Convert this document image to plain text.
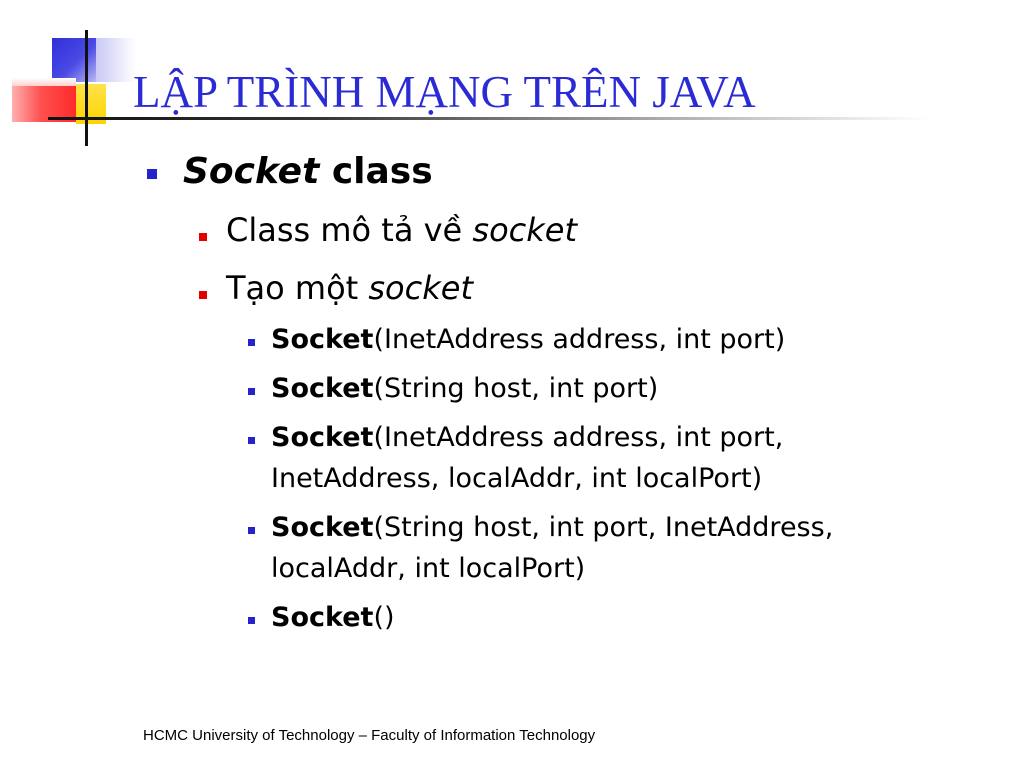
LẬP TRÌNH MẠNG TRÊN JAVA
Socket class
Class mô tả về socket
Tạo một socket
Socket(InetAddress address, int port)
Socket(String host, int port)
Socket(InetAddress address, int port,
InetAddress, localAddr, int localPort)
Socket(String host, int port, InetAddress,
localAddr, int localPort)
Socket()
HCMC University of Technology – Faculty of Information Technology
